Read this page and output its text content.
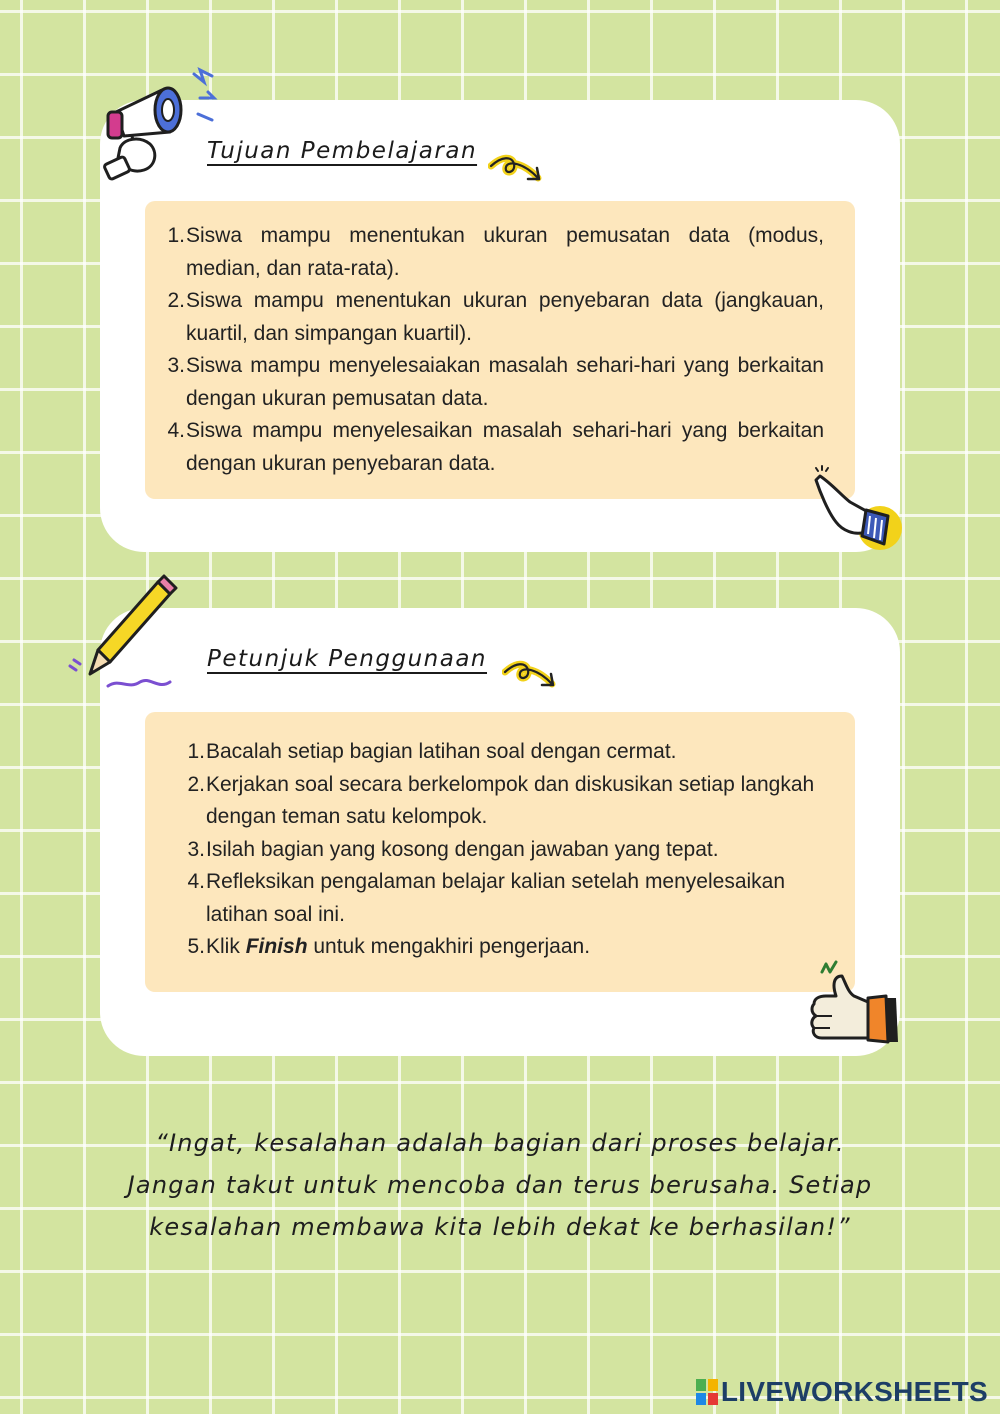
Tujuan Pembelajaran
1. Siswa mampu menentukan ukuran pemusatan data (modus, median, dan rata-rata).
2. Siswa mampu menentukan ukuran penyebaran data (jangkauan, kuartil, dan simpangan kuartil).
3. Siswa mampu menyelesaiakan masalah sehari-hari yang berkaitan dengan ukuran pemusatan data.
4. Siswa mampu menyelesaikan masalah sehari-hari yang berkaitan dengan ukuran penyebaran data.
Petunjuk Penggunaan
1. Bacalah setiap bagian latihan soal dengan cermat.
2. Kerjakan soal secara berkelompok dan diskusikan setiap langkah dengan teman satu kelompok.
3. Isilah bagian yang kosong dengan jawaban yang tepat.
4. Refleksikan pengalaman belajar kalian setelah menyelesaikan latihan soal ini.
5. Klik Finish untuk mengakhiri pengerjaan.
“Ingat, kesalahan adalah bagian dari proses belajar.
Jangan takut untuk mencoba dan terus berusaha. Setiap
kesalahan membawa kita lebih dekat ke berhasilan!”
LIVEWORKSHEETS
